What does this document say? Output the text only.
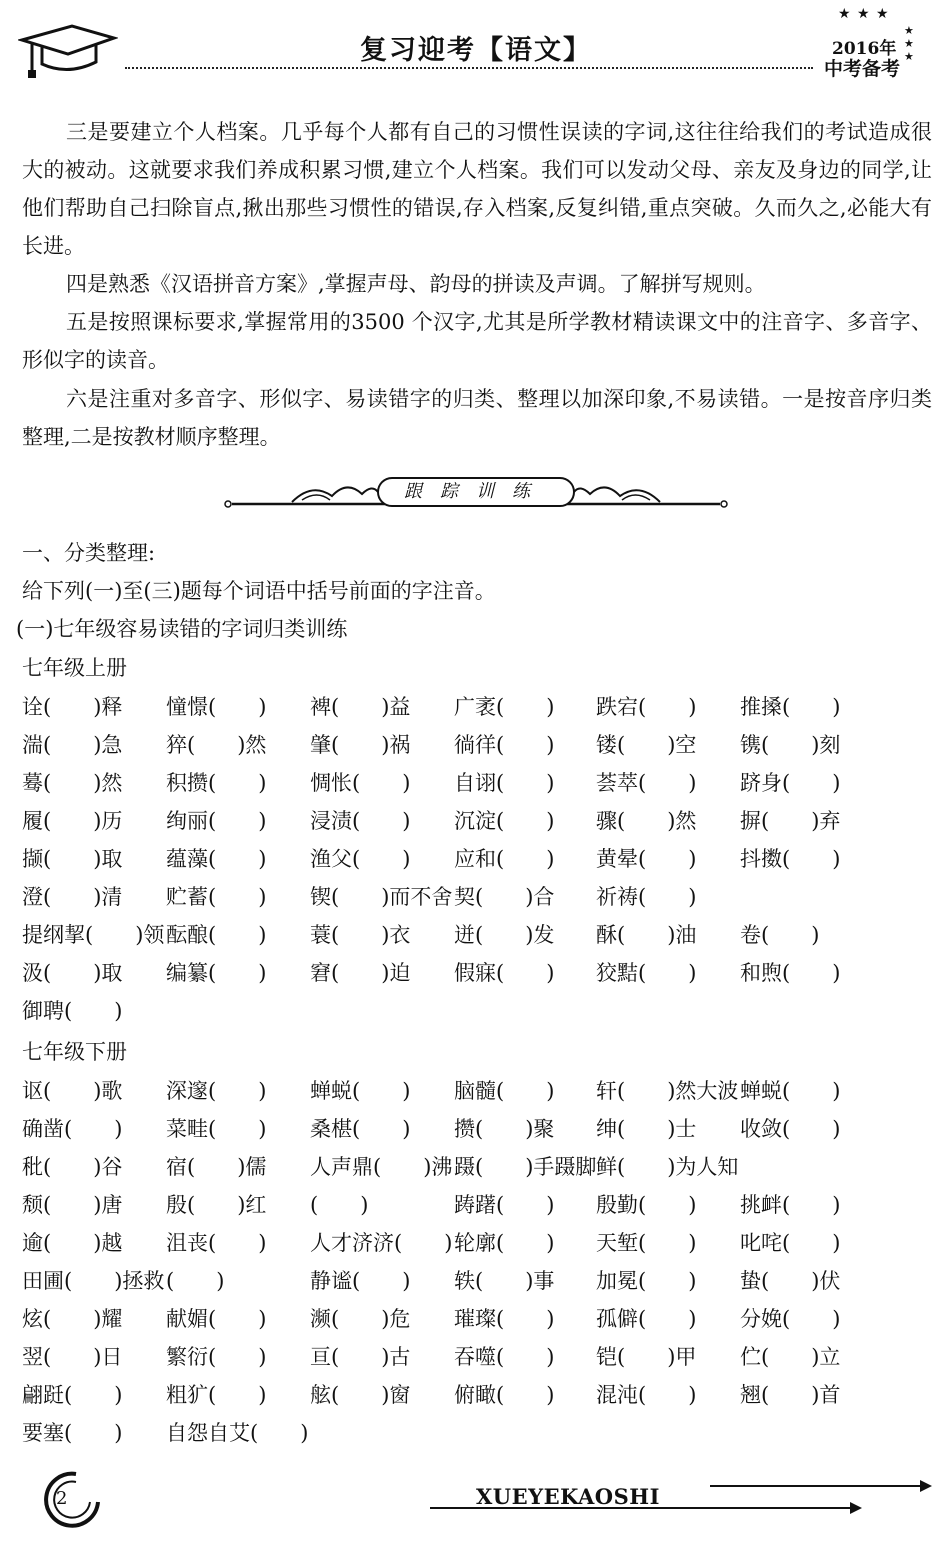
复习迎考【语文】
★ ★ ★
★
★
★
2016年
中考备考

三是要建立个人档案。几乎每个人都有自己的习惯性误读的字词,这往往给我们的考试造成很大的被动。这就要求我们养成积累习惯,建立个人档案。我们可以发动父母、亲友及身边的同学,让他们帮助自己扫除盲点,揪出那些习惯性的错误,存入档案,反复纠错,重点突破。久而久之,必能大有长进。

四是熟悉《汉语拼音方案》,掌握声母、韵母的拼读及声调。了解拼写规则。

五是按照课标要求,掌握常用的3500 个汉字,尤其是所学教材精读课文中的注音字、多音字、形似字的读音。

六是注重对多音字、形似字、易读错字的归类、整理以加深印象,不易读错。一是按音序归类整理,二是按教材顺序整理。

跟踪训练
一、分类整理:
给下列(一)至(三)题每个词语中括号前面的字注音。
(一)七年级容易读错的字词归类训练
七年级上册
诠(　　)释 憧憬(　　) 裨(　　)益 广袤(　　) 跌宕(　　) 推搡(　　)
湍(　　)急 猝(　　)然 肇(　　)祸 徜徉(　　) 镂(　　)空 镌(　　)刻
蓦(　　)然 积攒(　　) 惆怅(　　) 自诩(　　) 荟萃(　　) 跻身(　　)
履(　　)历 绚丽(　　) 浸渍(　　) 沉淀(　　) 骤(　　)然 摒(　　)弃
撷(　　)取 蕴藻(　　) 渔父(　　) 应和(　　) 黄晕(　　) 抖擞(　　)
澄(　　)清 贮蓄(　　) 锲(　　)而不舍 契(　　)合 祈祷(　　)
提纲挈(　　)领 酝酿(　　) 蓑(　　)衣 迸(　　)发 酥(　　)油 卷(　　)
汲(　　)取 编纂(　　) 窘(　　)迫 假寐(　　) 狡黠(　　) 和煦(　　)
御聘(　　)
七年级下册
讴(　　)歌 深邃(　　) 蝉蜕(　　) 脑髓(　　) 轩(　　)然大波 蝉蜕(　　)
确凿(　　) 菜畦(　　) 桑椹(　　) 攒(　　)聚 绅(　　)士 收敛(　　)
秕(　　)谷 宿(　　)儒 人声鼎(　　)沸 蹑(　　)手蹑脚 鲜(　　)为人知
颓(　　)唐 殷(　　)红 (　　)	踌躇(　　) 殷勤(　　) 挑衅(　　)
逾(　　)越 沮丧(　　) 人才济济(　　) 轮廓(　　) 天堑(　　) 叱咤(　　)
田圃(　　)拯救 (　　)	静谧(　　) 轶(　　)事 加冕(　　) 蛰(　　)伏
炫(　　)耀 献媚(　　) 濒(　　)危 璀璨(　　) 孤僻(　　) 分娩(　　)
翌(　　)日 繁衍(　　) 亘(　　)古 吞噬(　　) 铠(　　)甲 伫(　　)立
翩跹(　　) 粗犷(　　) 舷(　　)窗 俯瞰(　　) 混沌(　　) 翘(　　)首
要塞(　　) 自怨自艾(　　)
2	XUEYEKAOSHI
